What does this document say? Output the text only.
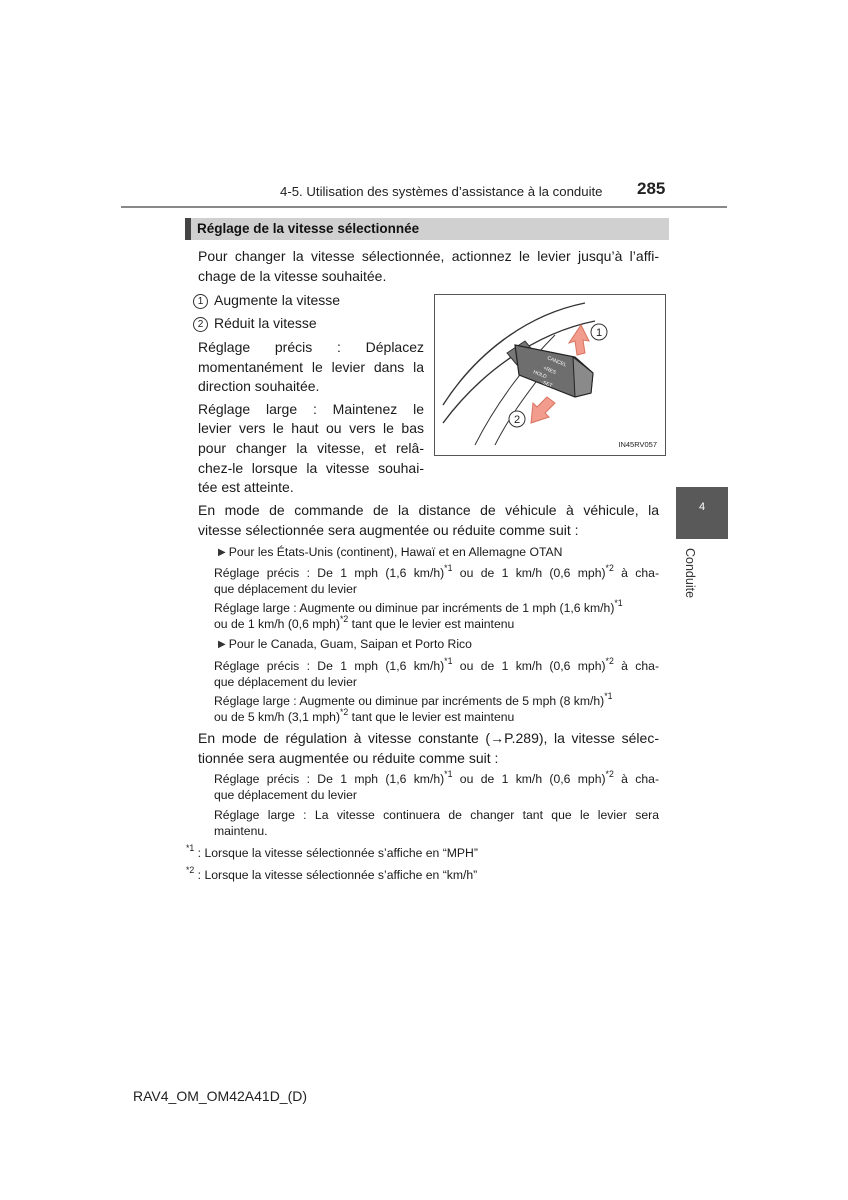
4-5. Utilisation des systèmes d’assistance à la conduite 285
Réglage de la vitesse sélectionnée
Pour changer la vitesse sélectionnée, actionnez le levier jusqu’à l’affi-
chage de la vitesse souhaitée.
1 Augmente la vitesse
2 Réduit la vitesse
Réglage précis : Déplacez
momentanément le levier dans la
direction souhaitée.
Réglage large : Maintenez le
levier vers le haut ou vers le bas
pour changer la vitesse, et relâ-
chez-le lorsque la vitesse souhai-
tée est atteinte.
CANCEL
+RES
HOLD
-SET
1
2
IN45RV057
En mode de commande de la distance de véhicule à véhicule, la
vitesse sélectionnée sera augmentée ou réduite comme suit :
▶ Pour les États-Unis (continent), Hawaï et en Allemagne OTAN
Réglage précis : De 1 mph (1,6 km/h)$^{*1}$ ou de 1 km/h (0,6 mph)$^{*2}$ à cha-
que déplacement du levier
Réglage large : Augmente ou diminue par incréments de 1 mph (1,6 km/h)$^{*1}$
ou de 1 km/h (0,6 mph)$^{*2}$ tant que le levier est maintenu
▶ Pour le Canada, Guam, Saipan et Porto Rico
Réglage précis : De 1 mph (1,6 km/h)$^{*1}$ ou de 1 km/h (0,6 mph)$^{*2}$ à cha-
que déplacement du levier
Réglage large : Augmente ou diminue par incréments de 5 mph (8 km/h)$^{*1}$
ou de 5 km/h (3,1 mph)$^{*2}$ tant que le levier est maintenu
En mode de régulation à vitesse constante (→P.289), la vitesse sélec-
tionnée sera augmentée ou réduite comme suit :
Réglage précis : De 1 mph (1,6 km/h)$^{*1}$ ou de 1 km/h (0,6 mph)$^{*2}$ à cha-
que déplacement du levier
Réglage large : La vitesse continuera de changer tant que le levier sera
maintenu.
$^{*1}$ : Lorsque la vitesse sélectionnée s’affiche en “MPH”
$^{*2}$ : Lorsque la vitesse sélectionnée s’affiche en “km/h”
4
Conduite
RAV4_OM_OM42A41D_(D)
